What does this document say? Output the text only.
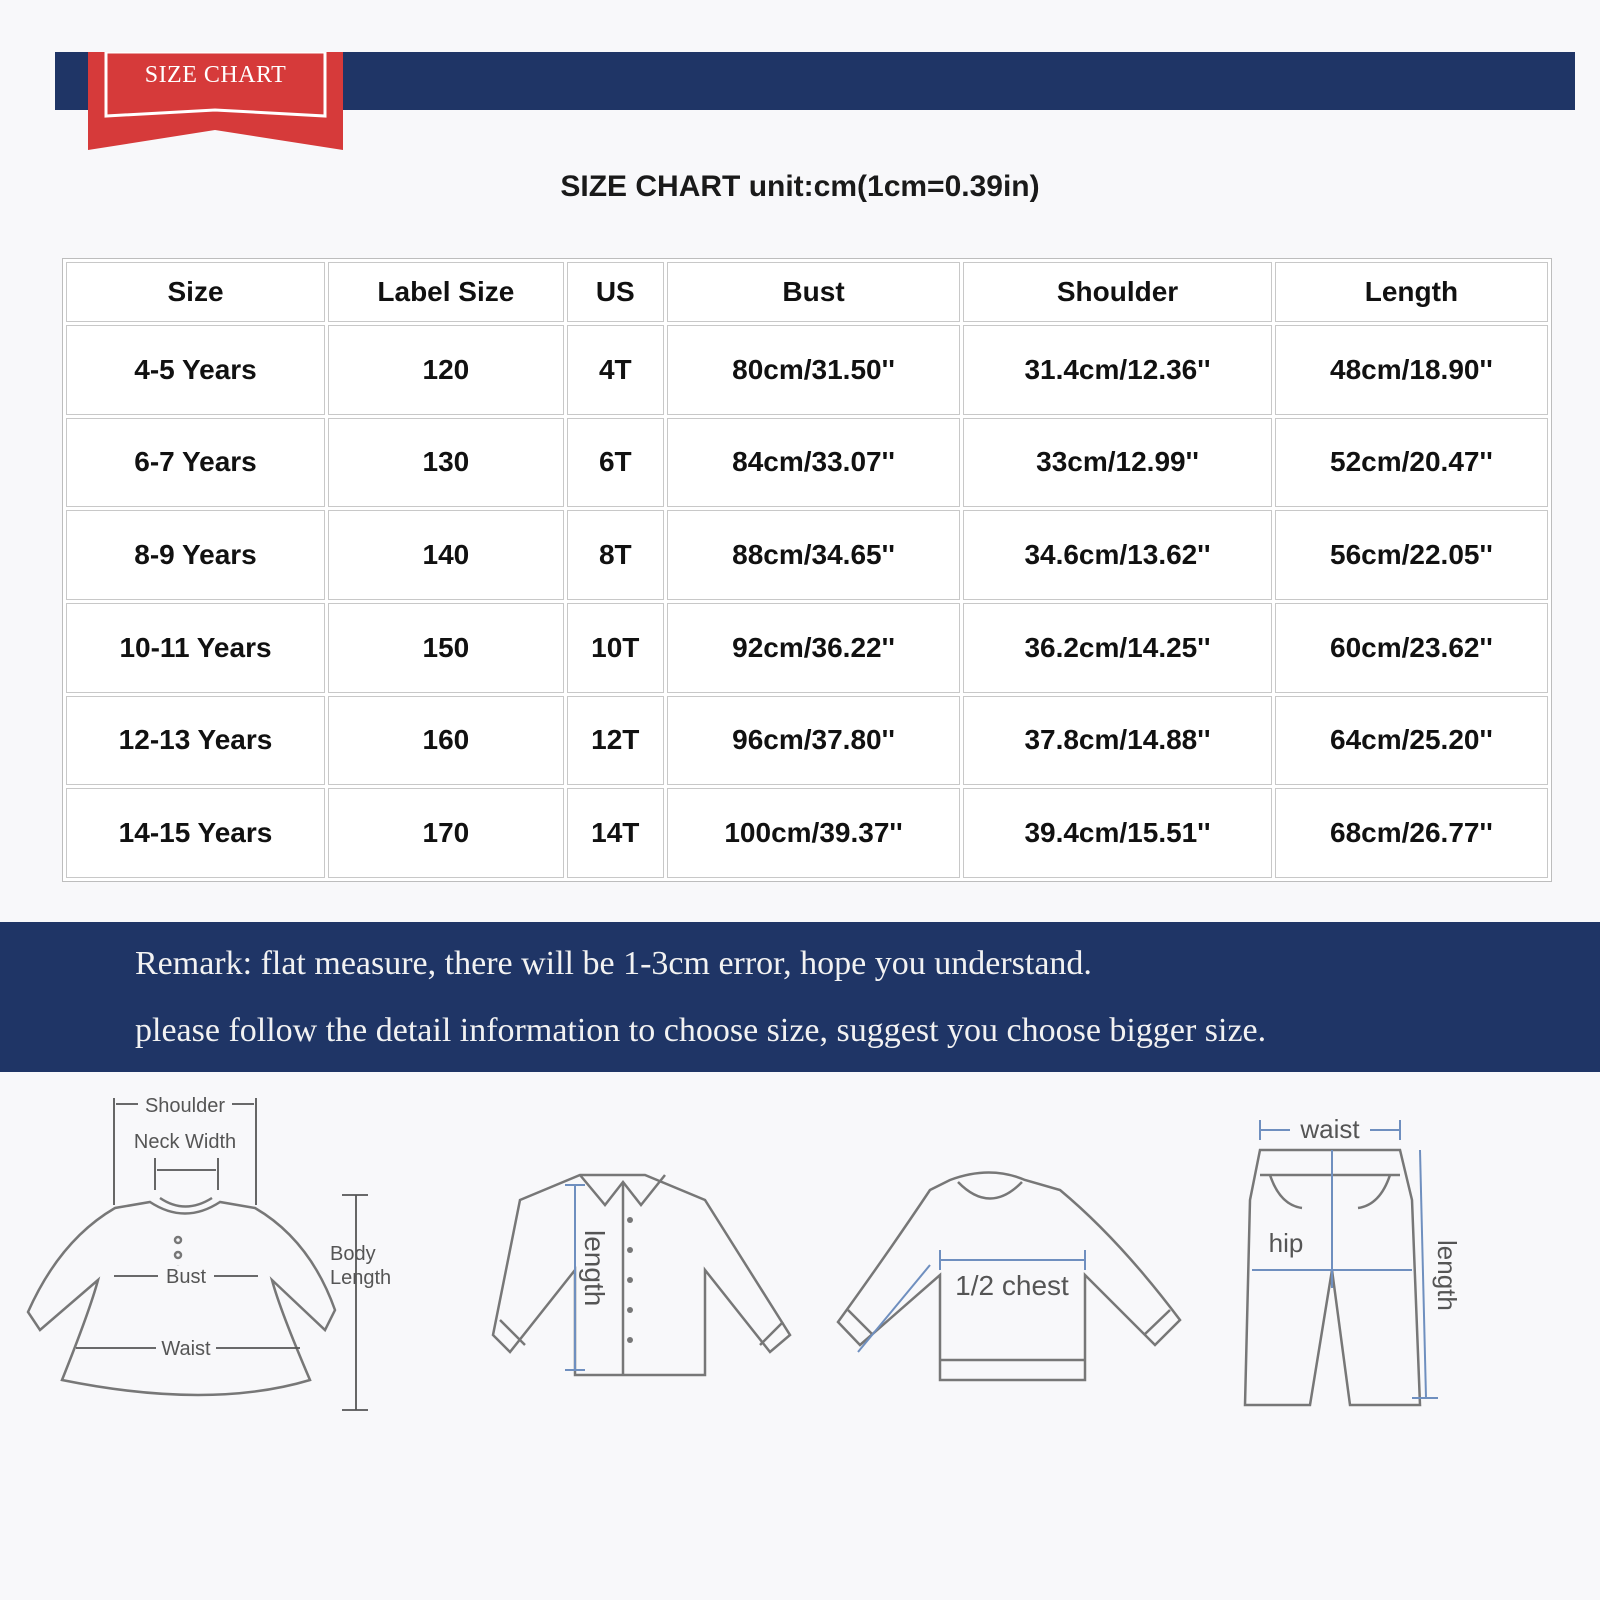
SIZE CHART
SIZE CHART unit:cm(1cm=0.39in)
Size	Label Size	US	Bust	Shoulder	Length
4-5 Years	120	4T	80cm/31.50''	31.4cm/12.36''	48cm/18.90''
6-7 Years	130	6T	84cm/33.07''	33cm/12.99''	52cm/20.47''
8-9 Years	140	8T	88cm/34.65''	34.6cm/13.62''	56cm/22.05''
10-11 Years	150	10T	92cm/36.22''	36.2cm/14.25''	60cm/23.62''
12-13 Years	160	12T	96cm/37.80''	37.8cm/14.88''	64cm/25.20''
14-15 Years	170	14T	100cm/39.37''	39.4cm/15.51''	68cm/26.77''
Remark: flat measure, there will be 1-3cm error, hope you understand.
please follow the detail information to choose size, suggest you choose bigger size.
Shoulder
Neck Width
Bust
Waist
Body
Length	length	1/2 chest
waist
hip	length
